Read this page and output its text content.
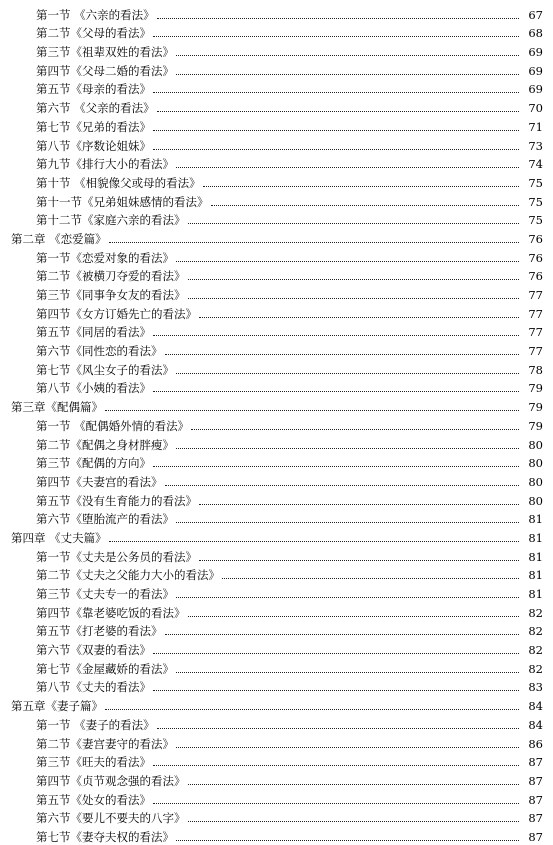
第一节 《六亲的看法》	67
第二节《父母的看法》	68
第三节《祖辈双姓的看法》	69
第四节《父母二婚的看法》	69
第五节《母亲的看法》	69
第六节 《父亲的看法》	70
第七节《兄弟的看法》	71
第八节《序数论姐妹》	73
第九节《排行大小的看法》	74
第十节 《相貌像父或母的看法》	75
第十一节《兄弟姐妹感情的看法》	75
第十二节《家庭六亲的看法》	75
第二章 《恋爱篇》	76
第一节《恋爱对象的看法》	76
第二节《被横刀夺爱的看法》	76
第三节《同事争女友的看法》	77
第四节《女方订婚先亡的看法》	77
第五节《同居的看法》	77
第六节《同性恋的看法》	77
第七节《风尘女子的看法》	78
第八节《小姨的看法》	79
第三章《配偶篇》	79
第一节 《配偶婚外情的看法》	79
第二节《配偶之身材胖瘦》	80
第三节《配偶的方向》	80
第四节《夫妻宫的看法》	80
第五节《没有生育能力的看法》	80
第六节《堕胎流产的看法》	81
第四章 《丈夫篇》	81
第一节《丈夫是公务员的看法》	81
第二节《丈夫之父能力大小的看法》	81
第三节《丈夫专一的看法》	81
第四节《靠老婆吃饭的看法》	82
第五节《打老婆的看法》	82
第六节《双妻的看法》	82
第七节《金屋藏娇的看法》	82
第八节《丈夫的看法》	83
第五章《妻子篇》	84
第一节 《妻子的看法》	84
第二节《妻宫妻守的看法》	86
第三节《旺夫的看法》	87
第四节《贞节观念强的看法》	87
第五节《处女的看法》	87
第六节《要儿不要夫的八字》	87
第七节《妻夺夫权的看法》	87
